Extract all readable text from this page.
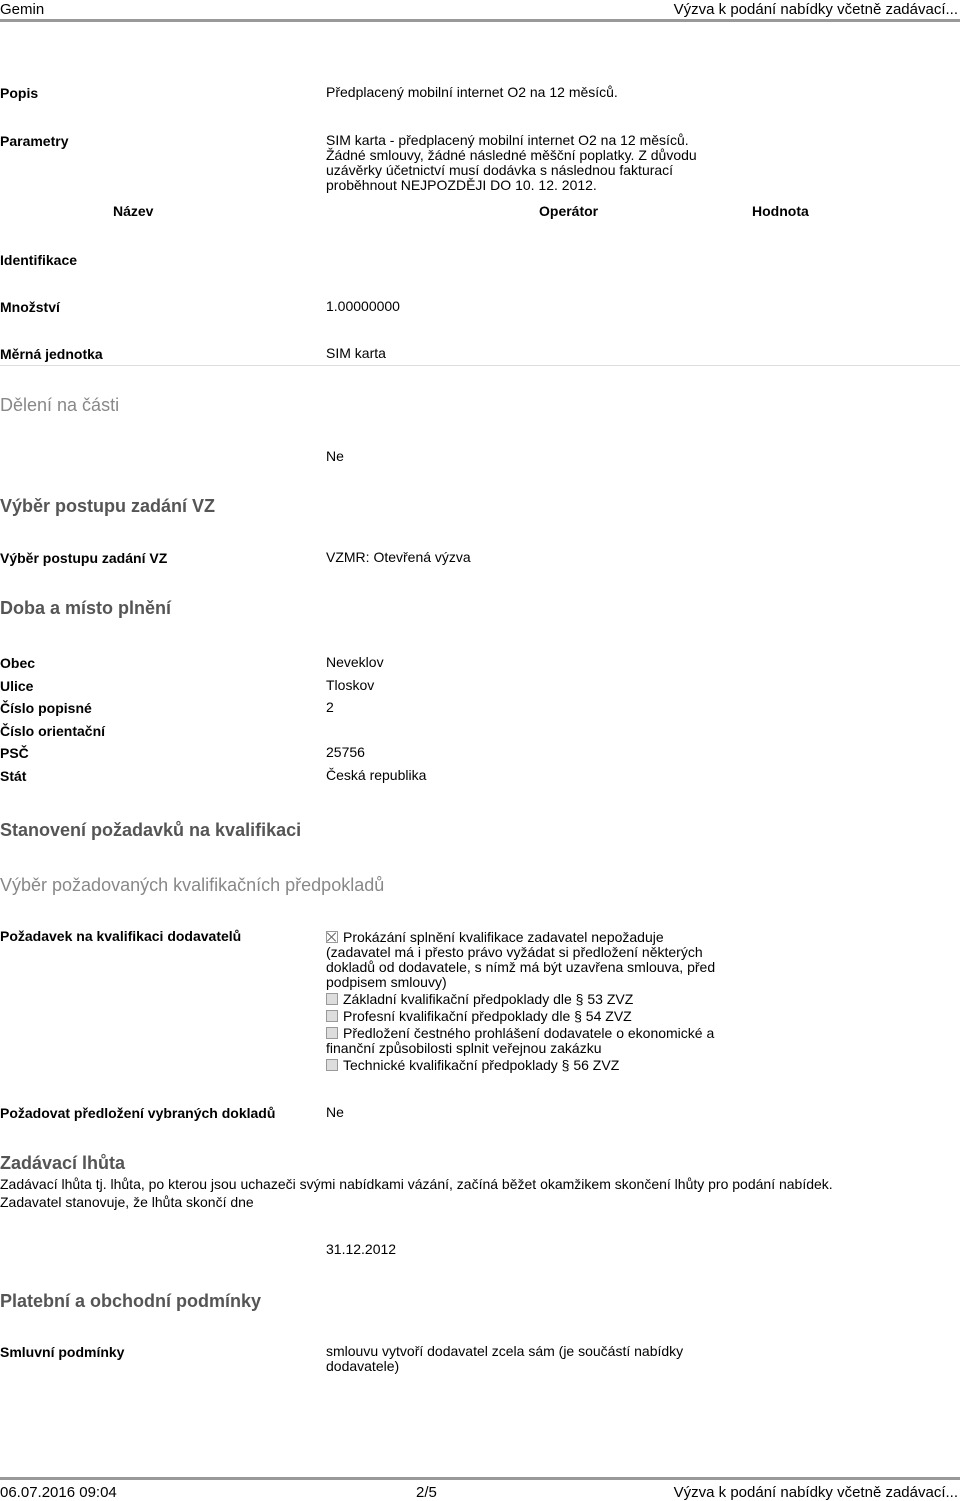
Gemin	Výzva k podání nabídky včetně zadávací...
Popis	Předplacený mobilní internet O2 na 12 měsíců.
Parametry	SIM karta - předplacený mobilní internet O2 na 12 měsíců.
Žádné smlouvy, žádné následné měšční poplatky. Z důvodu
uzávěrky účetnictví musí dodávka s následnou fakturací
proběhnout NEJPOZDĚJI DO 10. 12. 2012.
Název	Operátor	Hodnota
Identifikace
Množství	1.00000000
Měrná jednotka	SIM karta
Dělení na části
Ne
Výběr postupu zadání VZ
Výběr postupu zadání VZ	VZMR: Otevřená výzva
Doba a místo plnění
Obec	Neveklov
Ulice	Tloskov
Číslo popisné	2
Číslo orientační
PSČ	25756
Stát	Česká republika
Stanovení požadavků na kvalifikaci
Výběr požadovaných kvalifikačních předpokladů
Požadavek na kvalifikaci dodavatelů	Prokázání splnění kvalifikace zadavatel nepožaduje
(zadavatel má i přesto právo vyžádat si předložení některých
dokladů od dodavatele, s nímž má být uzavřena smlouva, před
podpisem smlouvy)
Základní kvalifikační předpoklady dle § 53 ZVZ
Profesní kvalifikační předpoklady dle § 54 ZVZ
Předložení čestného prohlášení dodavatele o ekonomické a
finanční způsobilosti splnit veřejnou zakázku
Technické kvalifikační předpoklady § 56 ZVZ
Požadovat předložení vybraných dokladů	Ne
Zadávací lhůta
Zadávací lhůta tj. lhůta, po kterou jsou uchazeči svými nabídkami vázání, začíná běžet okamžikem skončení lhůty pro podání nabídek.
Zadavatel stanovuje, že lhůta skončí dne
31.12.2012
Platební a obchodní podmínky
Smluvní podmínky	smlouvu vytvoří dodavatel zcela sám (je součástí nabídky
dodavatele)
06.07.2016 09:04	2/5	Výzva k podání nabídky včetně zadávací...
